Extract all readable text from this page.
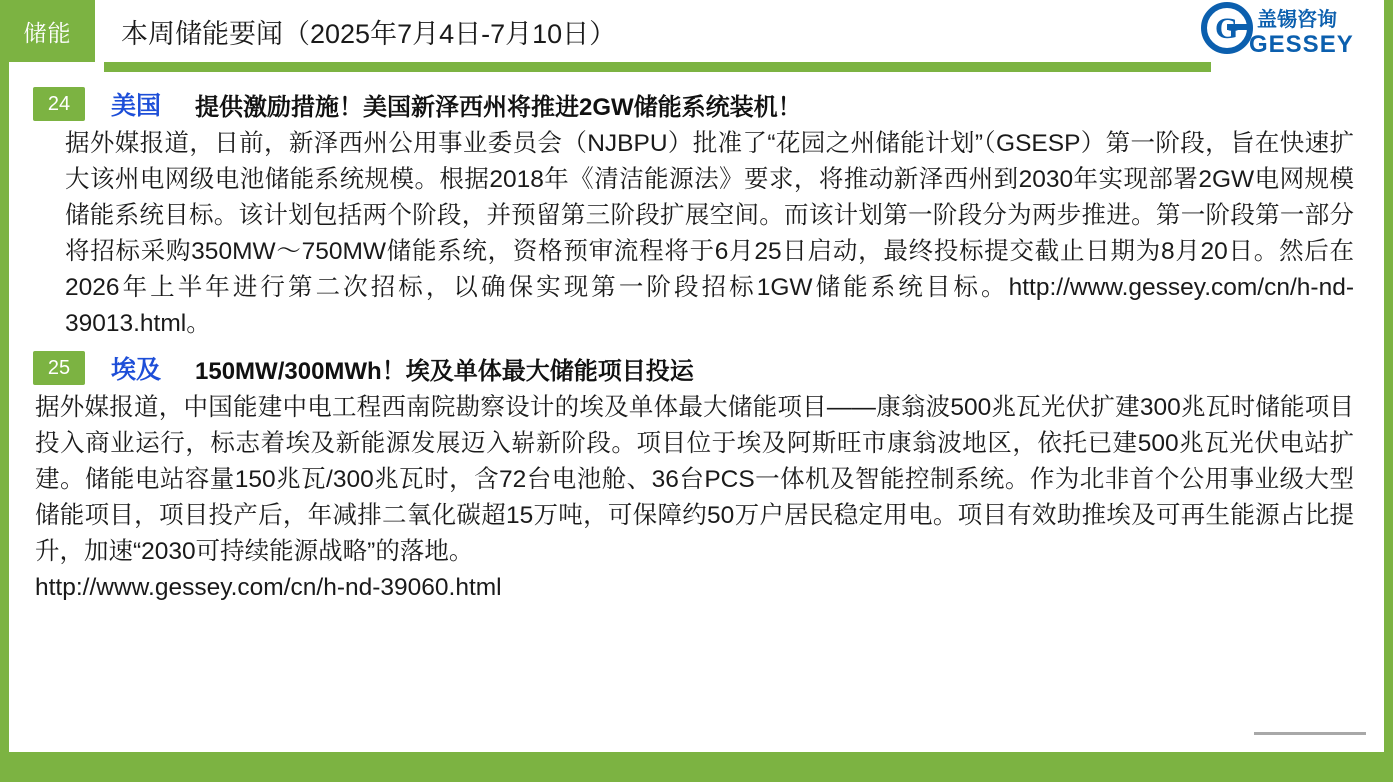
储能	本周储能要闻（2025年7月4日-7月10日）	G 盖锡咨询
GESSEY
24	美国 提供激励措施！美国新泽西州将推进2GW储能系统装机！
据外媒报道，日前，新泽西州公用事业委员会（NJBPU）批准了“花园之州储能计划”（GSESP）第一阶段，旨在快速扩大该州电网级电池储能系统规模。根据2018年《清洁能源法》要求，将推动新泽西州到2030年实现部署2GW电网规模储能系统目标。该计划包括两个阶段，并预留第三阶段扩展空间。而该计划第一阶段分为两步推进。第一阶段第一部分将招标采购350MW～750MW储能系统，资格预审流程将于6月25日启动，最终投标提交截止日期为8月20日。然后在2026年上半年进行第二次招标，以确保实现第一阶段招标1GW储能系统目标。http://www.gessey.com/cn/h-nd-39013.html。
25	埃及 150MW/300MWh！埃及单体最大储能项目投运
据外媒报道，中国能建中电工程西南院勘察设计的埃及单体最大储能项目——康翁波500兆瓦光伏扩建300兆瓦时储能项目投入商业运行，标志着埃及新能源发展迈入崭新阶段。项目位于埃及阿斯旺市康翁波地区，依托已建500兆瓦光伏电站扩建。储能电站容量150兆瓦/300兆瓦时，含72台电池舱、36台PCS一体机及智能控制系统。作为北非首个公用事业级大型储能项目，项目投产后，年减排二氧化碳超15万吨，可保障约50万户居民稳定用电。项目有效助推埃及可再生能源占比提升，加速“2030可持续能源战略”的落地。
http://www.gessey.com/cn/h-nd-39060.html
